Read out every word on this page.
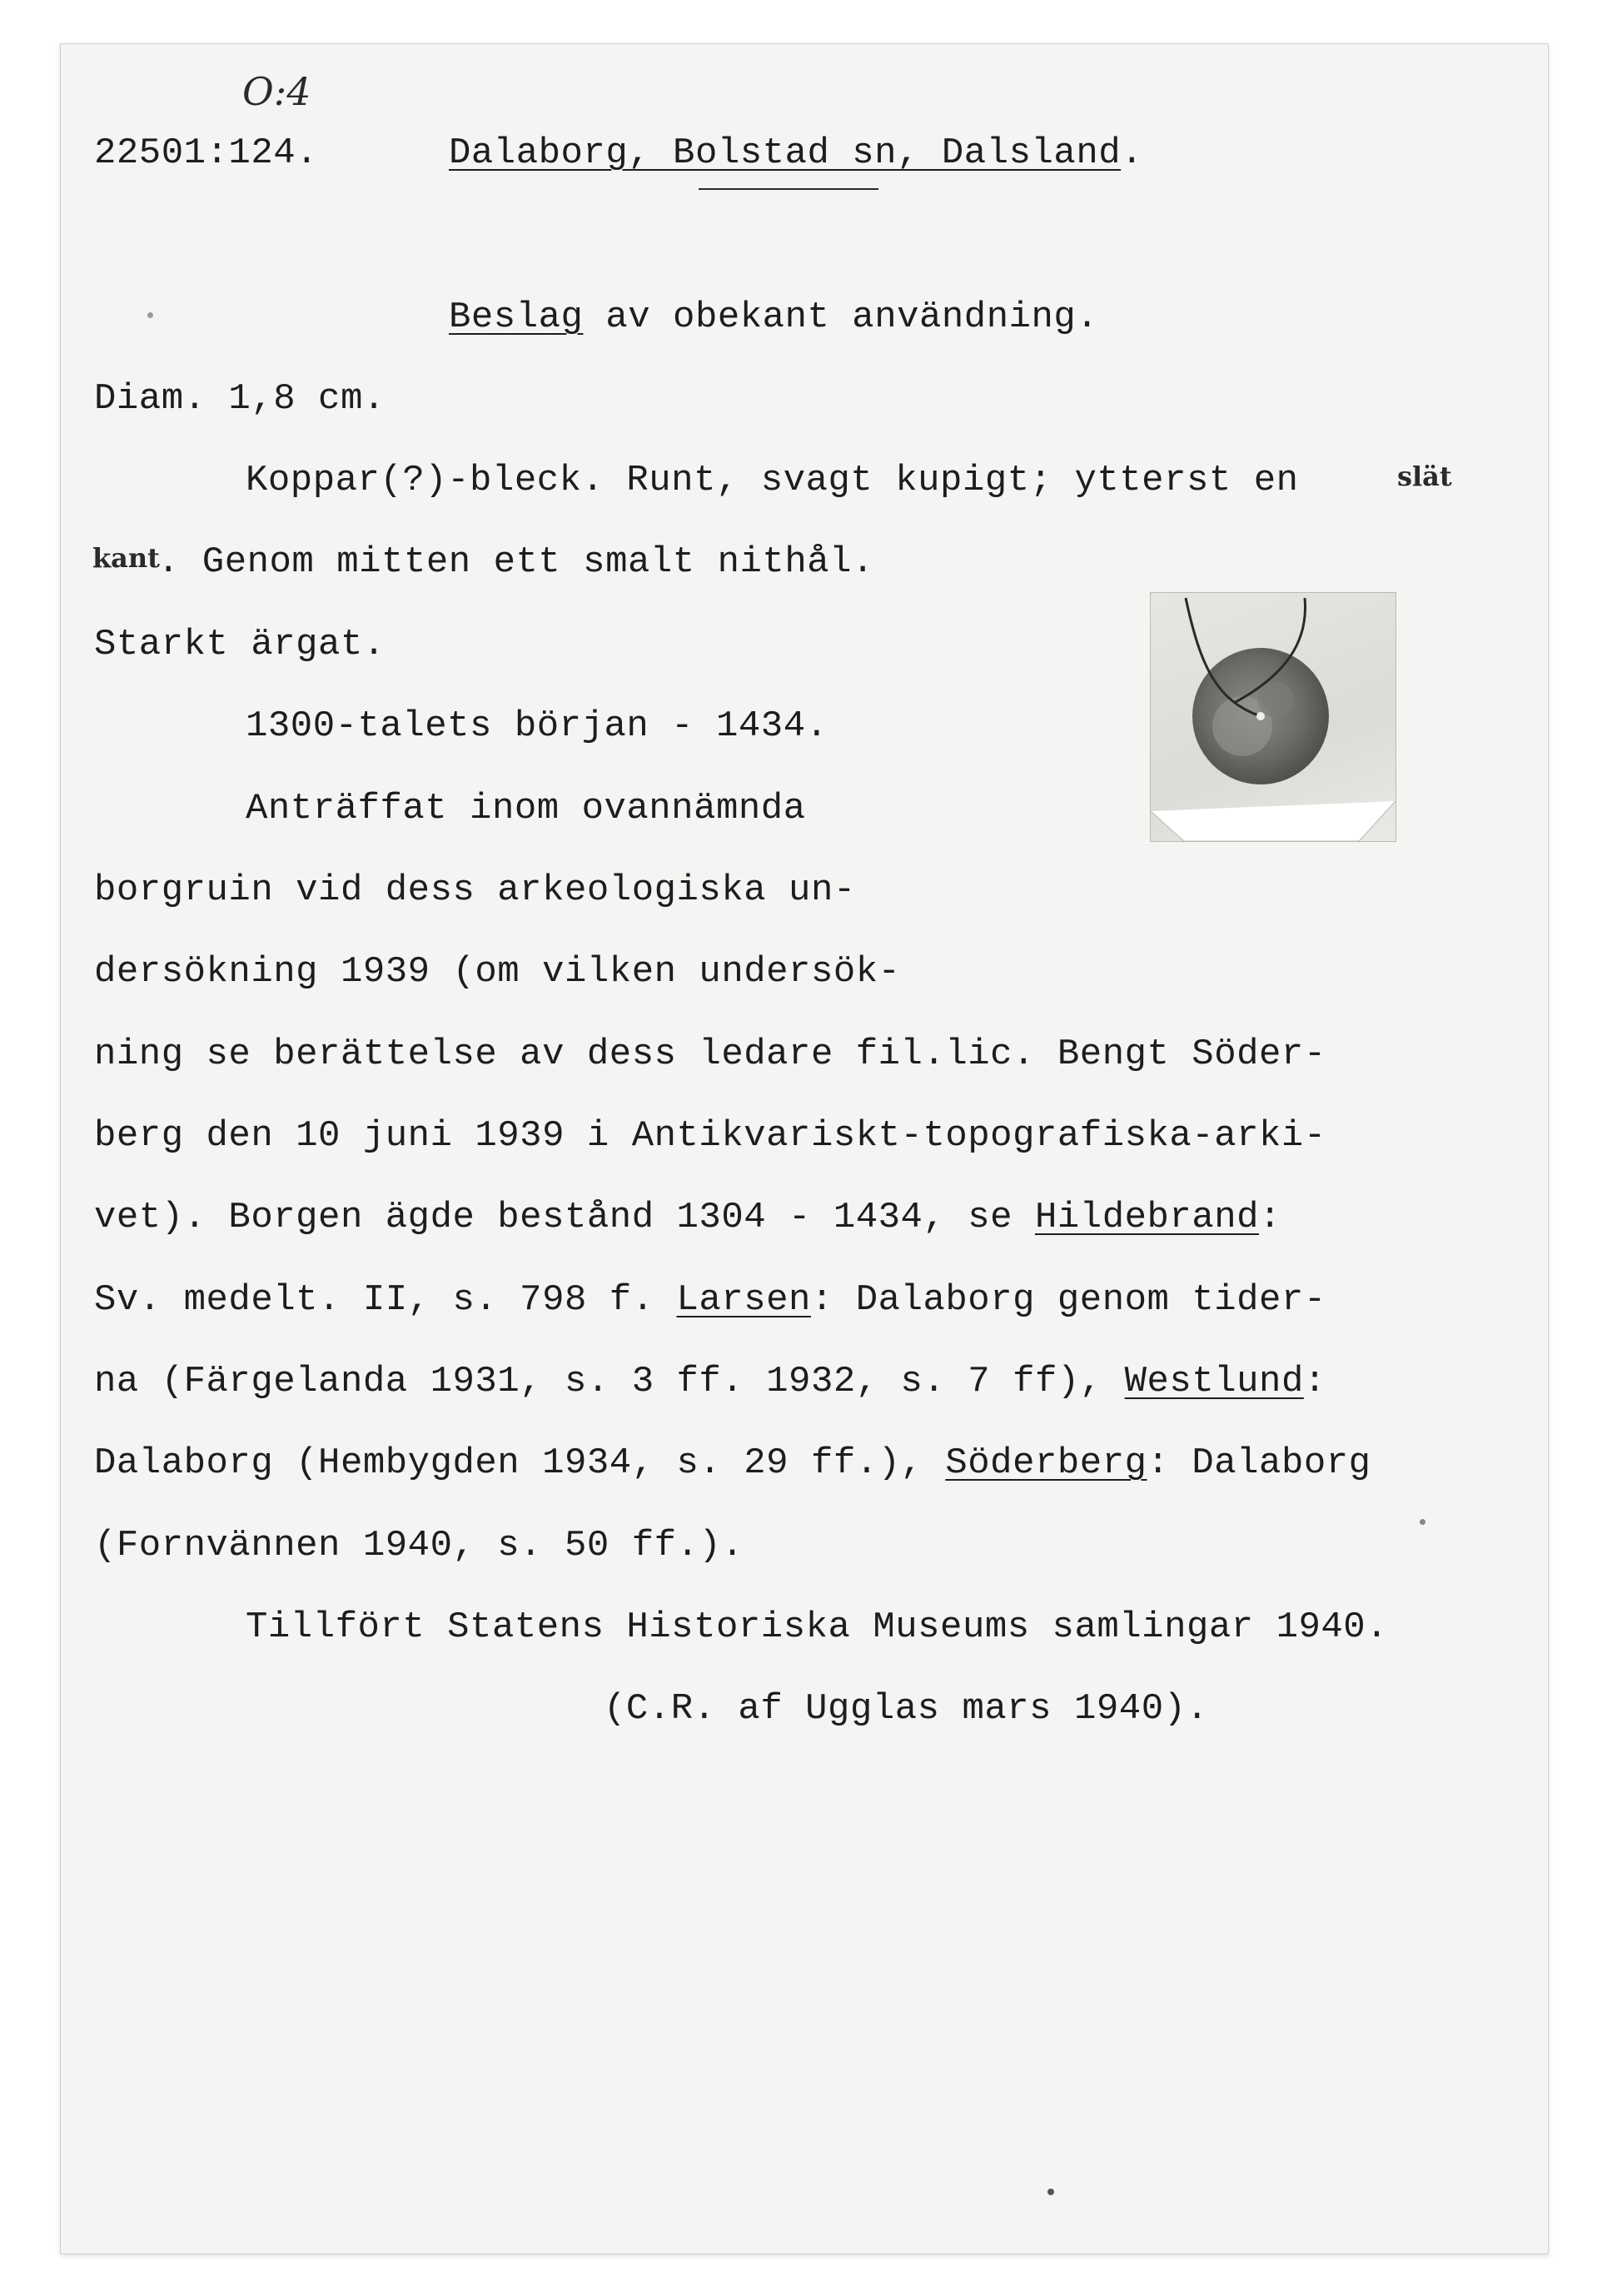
O:4
22501:124.	Dalaborg, Bolstad sn, Dalsland.
Beslag av obekant användning.
Diam. 1,8 cm.
Koppar(?)-bleck. Runt, svagt kupigt; ytterst en	slät
kant
. Genom mitten ett smalt nithål.
Starkt ärgat.
1300-talets början - 1434.
Anträffat inom ovannämnda
borgruin vid dess arkeologiska un-
dersökning 1939 (om vilken undersök-
ning se berättelse av dess ledare fil.lic. Bengt Söder-
berg den 10 juni 1939 i Antikvariskt-topografiska-arki-
vet). Borgen ägde bestånd 1304 - 1434, se Hildebrand:
Sv. medelt. II, s. 798 f. Larsen: Dalaborg genom tider-
na (Färgelanda 1931, s. 3 ff. 1932, s. 7 ff), Westlund:
Dalaborg (Hembygden 1934, s. 29 ff.), Söderberg: Dalaborg
(Fornvännen 1940, s. 50 ff.).
Tillfört Statens Historiska Museums samlingar 1940.
(C.R. af Ugglas mars 1940).
